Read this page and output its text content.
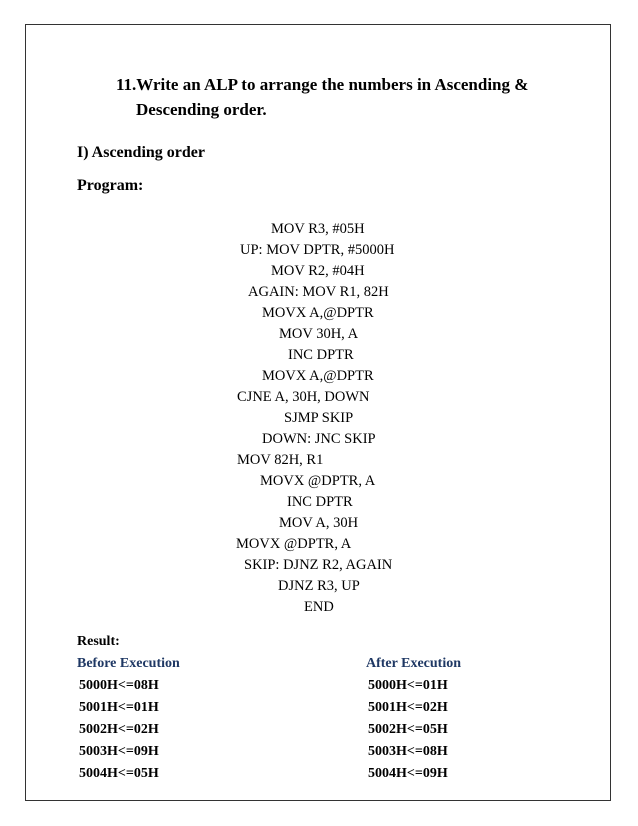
11.Write an ALP to arrange the numbers in Ascending &
Descending order.
I) Ascending order
Program:
MOV R3, #05H
UP: MOV DPTR, #5000H
MOV R2, #04H
AGAIN: MOV R1, 82H
MOVX A,@DPTR
MOV 30H, A
INC DPTR
MOVX A,@DPTR
CJNE A, 30H, DOWN
SJMP SKIP
DOWN: JNC SKIP
MOV 82H, R1
MOVX @DPTR, A
INC DPTR
MOV A, 30H
MOVX @DPTR, A
SKIP: DJNZ R2, AGAIN
DJNZ R3, UP
END
Result:
Before Execution	After Execution
5000H<=08H
5001H<=01H
5002H<=02H
5003H<=09H
5004H<=05H
5000H<=01H
5001H<=02H
5002H<=05H
5003H<=08H
5004H<=09H
